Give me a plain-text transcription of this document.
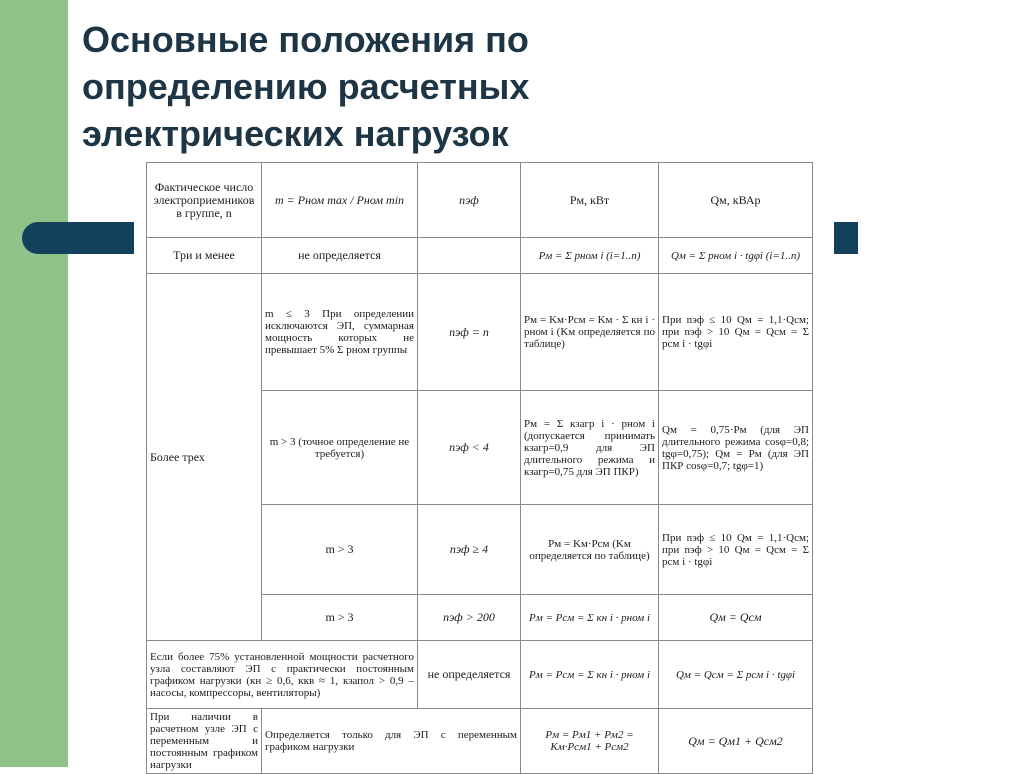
Основные положения по
определению расчетных
электрических нагрузок
Фактическое число электроприемников в группе, n	m = Pном max / Pном min	nэф	Pм, кВт	Qм, кВАр
Три и менее	не определяется		Pм = Σ pном i (i=1..n)	Qм = Σ pном i · tgφi (i=1..n)
Более трех	m ≤ 3 При определении исключаются ЭП, суммарная мощность которых не превышает 5% Σ pном группы	nэф = n	Pм = Kм·Pсм = Kм · Σ кн i · pном i (Kм определяется по таблице)	При nэф ≤ 10 Qм = 1,1·Qсм; при nэф > 10 Qм = Qсм = Σ pсм i · tgφi
	m > 3 (точное определение не требуется)	nэф < 4	Pм = Σ кзагр i · pном i (допускается принимать кзагр=0,9 для ЭП длительного режима и кзагр=0,75 для ЭП ПКР)	Qм = 0,75·Pм (для ЭП длительного режима cosφ=0,8; tgφ=0,75); Qм = Pм (для ЭП ПКР cosφ=0,7; tgφ=1)
	m > 3	nэф ≥ 4	Pм = Kм·Pсм (Kм определяется по таблице)	При nэф ≤ 10 Qм = 1,1·Qсм; при nэф > 10 Qм = Qсм = Σ pсм i · tgφi
	m > 3	nэф > 200	Pм = Pсм = Σ кн i · pном i	Qм = Qсм
Если более 75% установленной мощности расчетного узла составляют ЭП с практически постоянным графиком нагрузки (кн ≥ 0,6, ккв ≈ 1, кзапол > 0,9 – насосы, компрессоры, вентиляторы)		не определяется	Pм = Pсм = Σ кн i · pном i	Qм = Qсм = Σ pсм i · tgφi
При наличии в расчетном узле ЭП с переменным и постоянным графиком нагрузки	Определяется только для ЭП с переменным графиком нагрузки		Pм = Pм1 + Pм2 = Kм·Pсм1 + Pсм2	Qм = Qм1 + Qсм2
